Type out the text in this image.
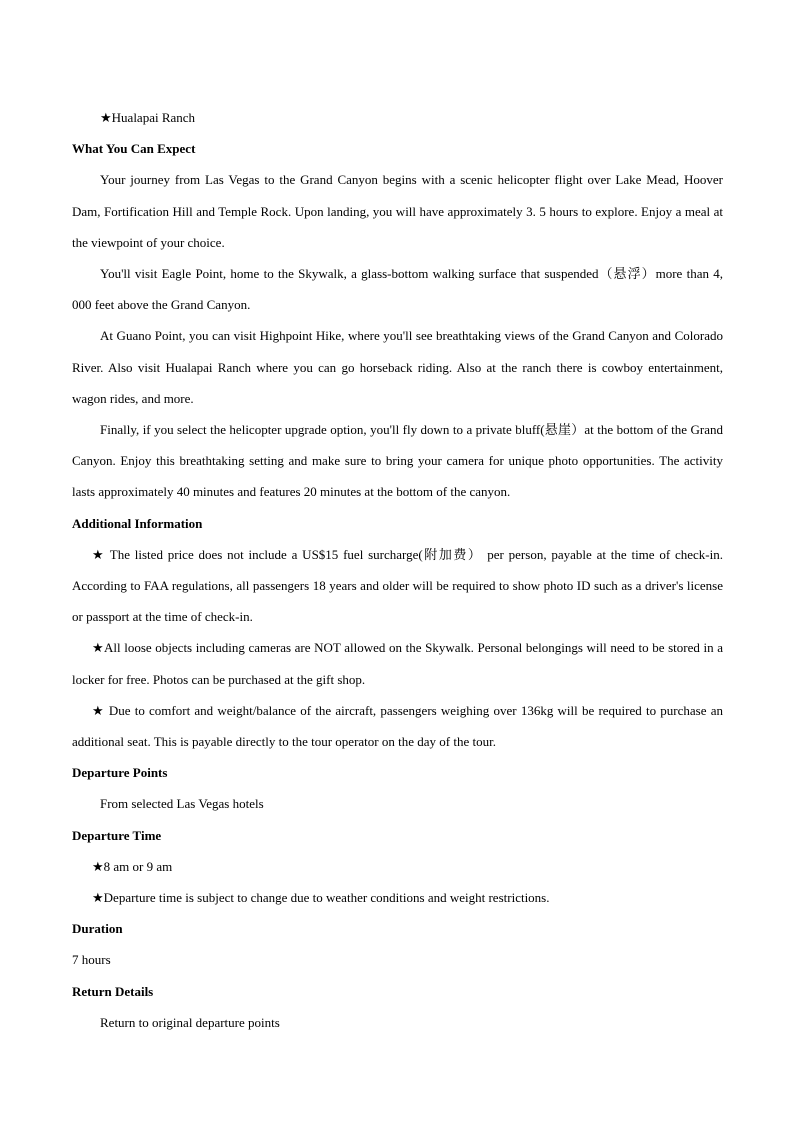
★Hualapai Ranch

What You Can Expect

Your journey from Las Vegas to the Grand Canyon begins with a scenic helicopter flight over Lake Mead, Hoover Dam, Fortification Hill and Temple Rock. Upon landing, you will have approximately 3. 5 hours to explore. Enjoy a meal at the viewpoint of your choice.

You'll visit Eagle Point, home to the Skywalk, a glass-bottom walking surface that suspended（悬浮）more than 4, 000 feet above the Grand Canyon.

At Guano Point, you can visit Highpoint Hike, where you'll see breathtaking views of the Grand Canyon and Colorado River. Also visit Hualapai Ranch where you can go horseback riding. Also at the ranch there is cowboy entertainment, wagon rides, and more.

Finally, if you select the helicopter upgrade option, you'll fly down to a private bluff(悬崖）at the bottom of the Grand Canyon. Enjoy this breathtaking setting and make sure to bring your camera for unique photo opportunities. The activity lasts approximately 40 minutes and features 20 minutes at the bottom of the canyon.

Additional Information

★ The listed price does not include a US$15 fuel surcharge(附加费） per person, payable at the time of check-in. According to FAA regulations, all passengers 18 years and older will be required to show photo ID such as a driver's license or passport at the time of check-in.

★All loose objects including cameras are NOT allowed on the Skywalk. Personal belongings will need to be stored in a locker for free. Photos can be purchased at the gift shop.

★ Due to comfort and weight/balance of the aircraft, passengers weighing over 136kg will be required to purchase an additional seat. This is payable directly to the tour operator on the day of the tour.

Departure Points

From selected Las Vegas hotels

Departure Time

★8 am or 9 am

★Departure time is subject to change due to weather conditions and weight restrictions.

Duration

7 hours

Return Details

Return to original departure points
